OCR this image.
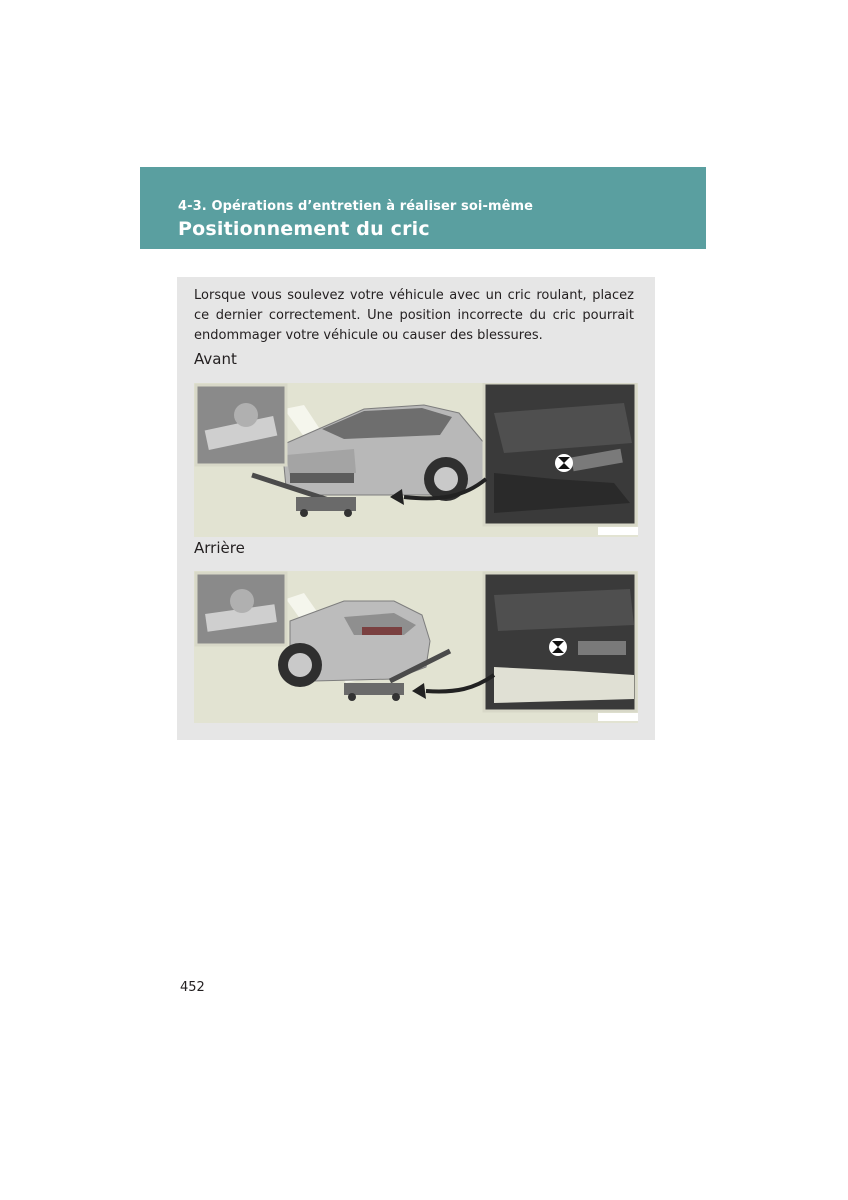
4-3. Opérations d’entretien à réaliser soi-même
Positionnement du cric
Lorsque vous soulevez votre véhicule avec un cric roulant, placez ce dernier correctement. Une position incorrecte du cric pourrait endommager votre véhicule ou causer des blessures.
Avant
Arrière
452
